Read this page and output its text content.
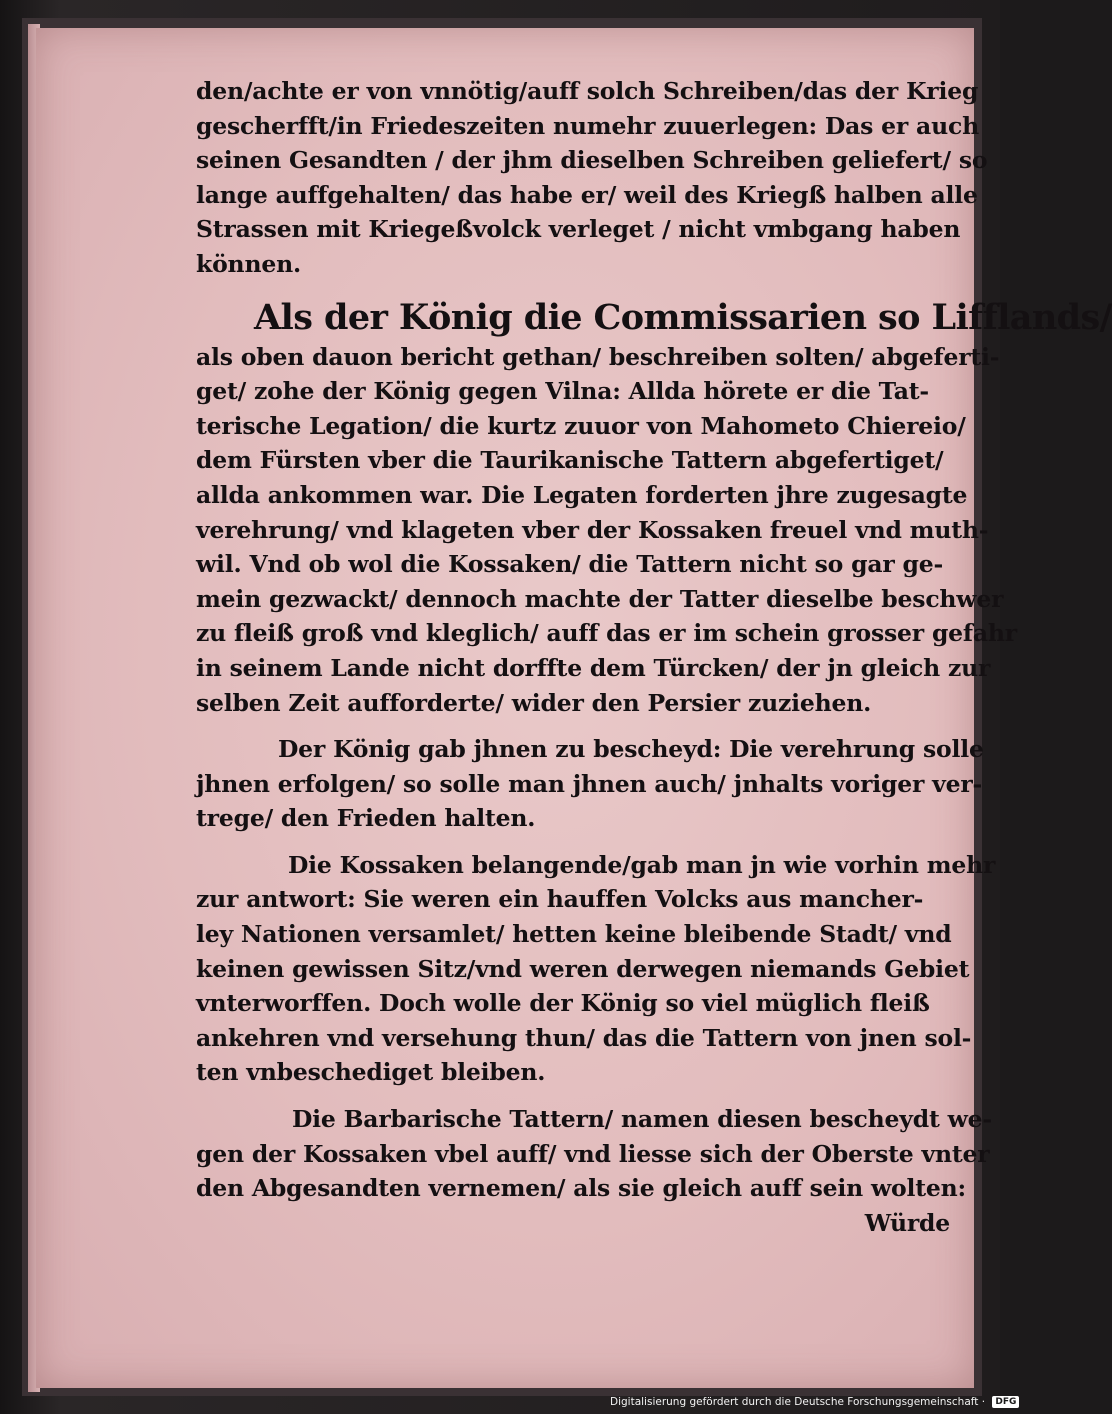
den/achte er von vnnötig/auff solch Schreiben/das der Krieg
gescherfft/in Friedeszeiten numehr zuuerlegen: Das er auch
seinen Gesandten / der jhm dieselben Schreiben geliefert/ so
lange auffgehalten/ das habe er/ weil des Kriegß halben alle
Strassen mit Kriegeßvolck verleget / nicht vmbgang haben
können.
Als der König die Commissarien so Lifflands/
als oben dauon bericht gethan/ beschreiben solten/ abgeferti-
get/ zohe der König gegen Vilna: Allda hörete er die Tat-
terische Legation/ die kurtz zuuor von Mahometo Chiereio/
dem Fürsten vber die Taurikanische Tattern abgefertiget/
allda ankommen war. Die Legaten forderten jhre zugesagte
verehrung/ vnd klageten vber der Kossaken freuel vnd muth-
wil. Vnd ob wol die Kossaken/ die Tattern nicht so gar ge-
mein gezwackt/ dennoch machte der Tatter dieselbe beschwer
zu fleiß groß vnd kleglich/ auff das er im schein grosser gefahr
in seinem Lande nicht dorffte dem Türcken/ der jn gleich zur
selben Zeit aufforderte/ wider den Persier zuziehen.
Der König gab jhnen zu bescheyd: Die verehrung solle
jhnen erfolgen/ so solle man jhnen auch/ jnhalts voriger ver-
trege/ den Frieden halten.
Die Kossaken belangende/gab man jn wie vorhin mehr
zur antwort: Sie weren ein hauffen Volcks aus mancher-
ley Nationen versamlet/ hetten keine bleibende Stadt/ vnd
keinen gewissen Sitz/vnd weren derwegen niemands Gebiet
vnterworffen. Doch wolle der König so viel müglich fleiß
ankehren vnd versehung thun/ das die Tattern von jnen sol-
ten vnbeschediget bleiben.
Die Barbarische Tattern/ namen diesen bescheydt we-
gen der Kossaken vbel auff/ vnd liesse sich der Oberste vnter
den Abgesandten vernemen/ als sie gleich auff sein wolten:
Würde
Digitalisierung gefördert durch die Deutsche Forschungsgemeinschaft · DFG
